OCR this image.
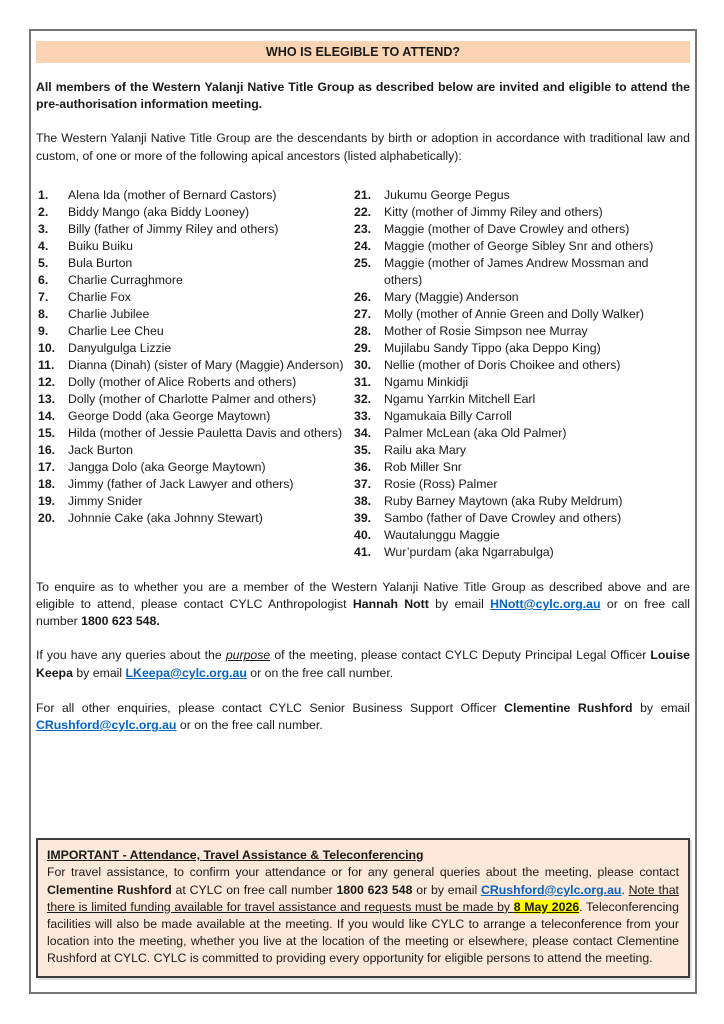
WHO IS ELEGIBLE TO ATTEND?

All members of the Western Yalanji Native Title Group as described below are invited and eligible to attend the pre-authorisation information meeting.

The Western Yalanji Native Title Group are the descendants by birth or adoption in accordance with traditional law and custom, of one or more of the following apical ancestors (listed alphabetically):

1.	Alena Ida (mother of Bernard Castors)
2.	Biddy Mango (aka Biddy Looney)
3.	Billy (father of Jimmy Riley and others)
4.	Buiku Buiku
5.	Bula Burton
6.	Charlie Curraghmore
7.	Charlie Fox
8.	Charlie Jubilee
9.	Charlie Lee Cheu
10.	Danyulgulga Lizzie
11.	Dianna (Dinah) (sister of Mary (Maggie) Anderson)
12.	Dolly (mother of Alice Roberts and others)
13.	Dolly (mother of Charlotte Palmer and others)
14.	George Dodd (aka George Maytown)
15.	Hilda (mother of Jessie Pauletta Davis and others)
16.	Jack Burton
17.	Jangga Dolo (aka George Maytown)
18.	Jimmy (father of Jack Lawyer and others)
19.	Jimmy Snider
20.	Johnnie Cake (aka Johnny Stewart)
21.	Jukumu George Pegus
22.	Kitty (mother of Jimmy Riley and others)
23.	Maggie (mother of Dave Crowley and others)
24.	Maggie (mother of George Sibley Snr and others)
25.	Maggie (mother of James Andrew Mossman and others)
26.	Mary (Maggie) Anderson
27.	Molly (mother of Annie Green and Dolly Walker)
28.	Mother of Rosie Simpson nee Murray
29.	Mujilabu Sandy Tippo (aka Deppo King)
30.	Nellie (mother of Doris Choikee and others)
31.	Ngamu Minkidji
32.	Ngamu Yarrkin Mitchell Earl
33.	Ngamukaia Billy Carroll
34.	Palmer McLean (aka Old Palmer)
35.	Railu aka Mary
36.	Rob Miller Snr
37.	Rosie (Ross) Palmer
38.	Ruby Barney Maytown (aka Ruby Meldrum)
39.	Sambo (father of Dave Crowley and others)
40.	Wautalunggu Maggie
41.	Wur’purdam (aka Ngarrabulga)

To enquire as to whether you are a member of the Western Yalanji Native Title Group as described above and are eligible to attend, please contact CYLC Anthropologist Hannah Nott by email HNott@cylc.org.au or on free call number 1800 623 548.

If you have any queries about the purpose of the meeting, please contact CYLC Deputy Principal Legal Officer Louise Keepa by email LKeepa@cylc.org.au or on the free call number.

For all other enquiries, please contact CYLC Senior Business Support Officer Clementine Rushford by email CRushford@cylc.org.au or on the free call number.

IMPORTANT - Attendance, Travel Assistance & Teleconferencing
For travel assistance, to confirm your attendance or for any general queries about the meeting, please contact Clementine Rushford at CYLC on free call number 1800 623 548 or by email CRushford@cylc.org.au. Note that there is limited funding available for travel assistance and requests must be made by 8 May 2026. Teleconferencing facilities will also be made available at the meeting. If you would like CYLC to arrange a teleconference from your location into the meeting, whether you live at the location of the meeting or elsewhere, please contact Clementine Rushford at CYLC. CYLC is committed to providing every opportunity for eligible persons to attend the meeting.
